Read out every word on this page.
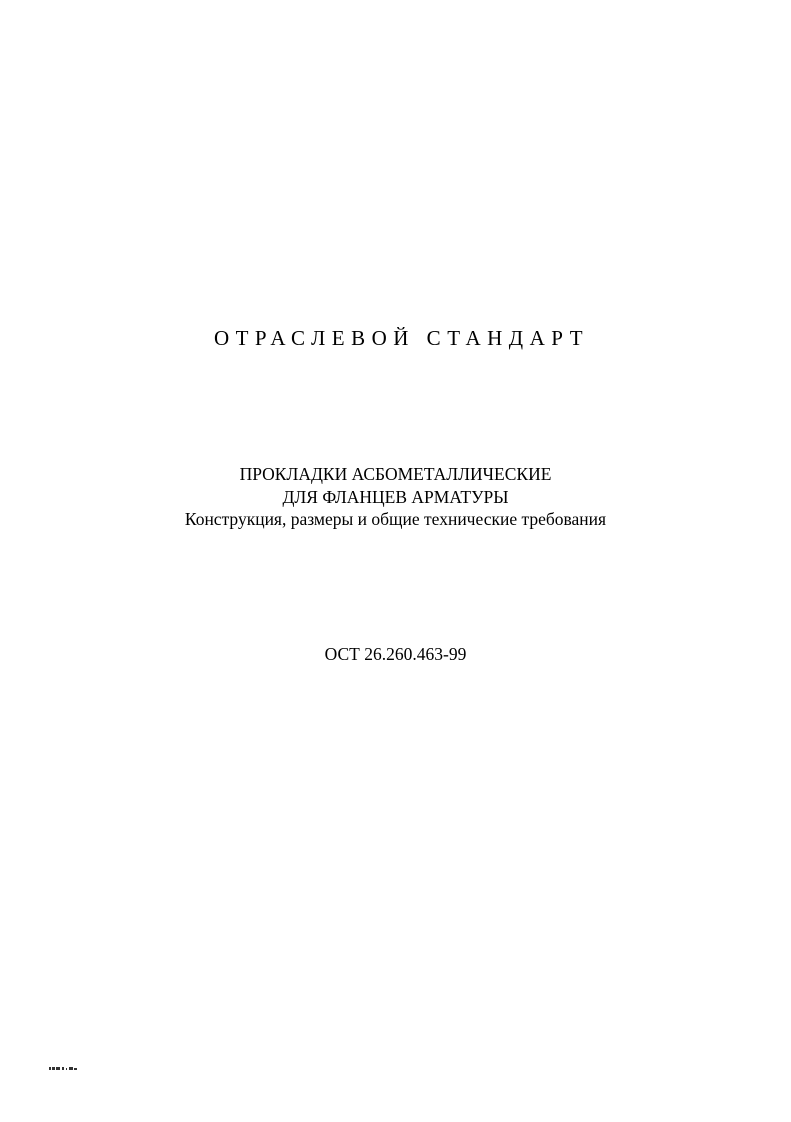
ОТРАСЛЕВОЙ СТАНДАРТ
ПРОКЛАДКИ АСБОМЕТАЛЛИЧЕСКИЕ
ДЛЯ ФЛАНЦЕВ АРМАТУРЫ
Конструкция, размеры и общие технические требования
ОСТ 26.260.463-99
